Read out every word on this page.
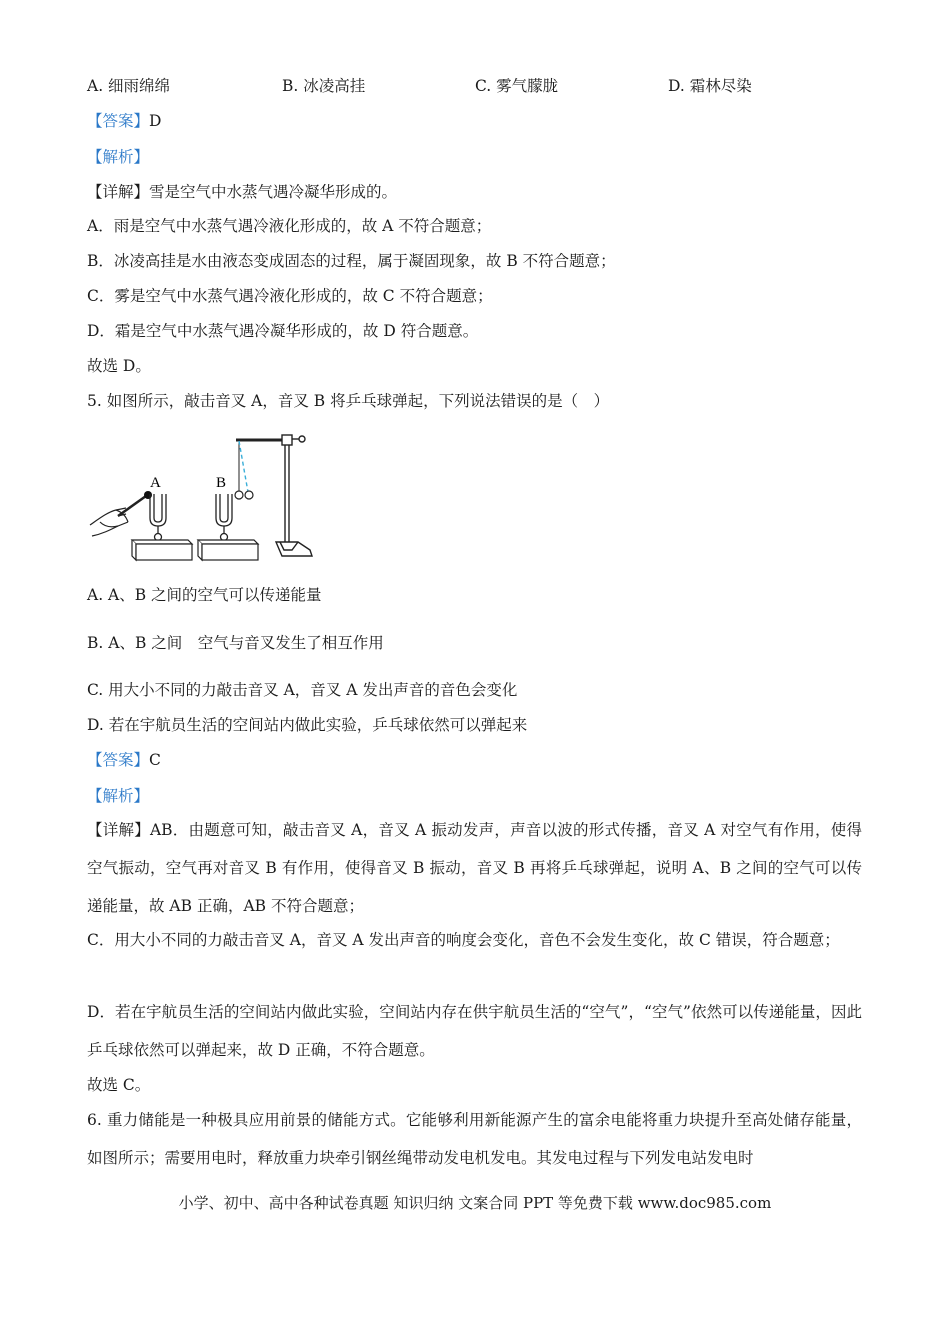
A. 细雨绵绵	B. 冰凌高挂	C. 雾气朦胧	D. 霜林尽染
【答案】D
【解析】
【详解】雪是空气中水蒸气遇冷凝华形成的。
A．雨是空气中水蒸气遇冷液化形成的，故 A 不符合题意；
B．冰凌高挂是水由液态变成固态的过程，属于凝固现象，故 B 不符合题意；
C．雾是空气中水蒸气遇冷液化形成的，故 C 不符合题意；
D．霜是空气中水蒸气遇冷凝华形成的，故 D 符合题意。
故选 D。
5. 如图所示，敲击音叉 A，音叉 B 将乒乓球弹起，下列说法错误的是（　）
A	B
A. A、B 之间的空气可以传递能量
B. A、B 之间　空气与音叉发生了相互作用
C. 用大小不同的力敲击音叉 A，音叉 A 发出声音的音色会变化
D. 若在宇航员生活的空间站内做此实验，乒乓球依然可以弹起来
【答案】C
【解析】
【详解】AB．由题意可知，敲击音叉 A，音叉 A 振动发声，声音以波的形式传播，音叉 A 对空气有作用，使得空气振动，空气再对音叉 B 有作用，使得音叉 B 振动，音叉 B 再将乒乓球弹起，说明 A、B 之间的空气可以传递能量，故 AB 正确，AB 不符合题意；
C．用大小不同的力敲击音叉 A，音叉 A 发出声音的响度会变化，音色不会发生变化，故 C 错误，符合题意；
D．若在宇航员生活的空间站内做此实验，空间站内存在供宇航员生活的“空气”，“空气”依然可以传递能量，因此乒乓球依然可以弹起来，故 D 正确，不符合题意。
故选 C。
6. 重力储能是一种极具应用前景的储能方式。它能够利用新能源产生的富余电能将重力块提升至高处储存能量，如图所示；需要用电时，释放重力块牵引钢丝绳带动发电机发电。其发电过程与下列发电站发电时
小学、初中、高中各种试卷真题 知识归纳 文案合同 PPT 等免费下载 www.doc985.com
